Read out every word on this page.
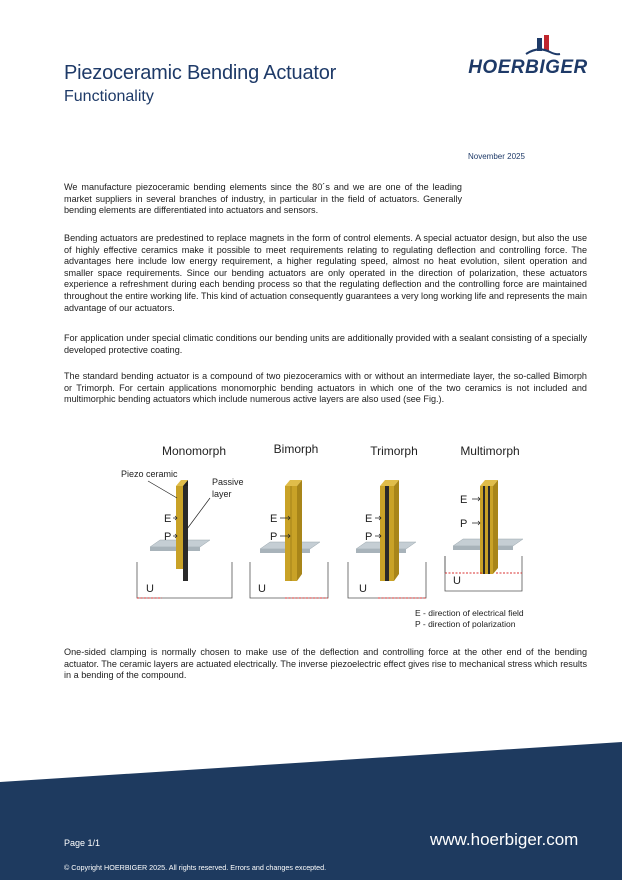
Piezoceramic Bending Actuator
Functionality
HOERBIGER
November 2025

We manufacture piezoceramic bending elements since the 80´s and we are one of the leading market suppliers in several branches of industry, in particular in the field of actuators. Generally bending elements are differentiated into actuators and sensors.

Bending actuators are predestined to replace magnets in the form of control elements. A special actuator design, but also the use of highly effective ceramics make it possible to meet requirements relating to regulating deflection and controlling force. The advantages here include low energy requirement, a higher regulating speed, almost no heat evolution, silent operation and smaller space requirements. Since our bending actuators are only operated in the direction of polarization, these actuators experience a refreshment during each bending process so that the regulating deflection and the controlling force are maintained throughout the entire working life. This kind of actuation consequently guarantees a very long working life and represents the main advantage of our actuators.

For application under special climatic conditions our bending units are additionally provided with a sealant consisting of a specially developed protective coating.

The standard bending actuator is a compound of two piezoceramics with or without an intermediate layer, the so-called Bimorph or Trimorph. For certain applications monomorphic bending actuators in which one of the two ceramics is not included and multimorphic bending actuators which include numerous active layers are also used (see Fig.).

Monomorph	Bimorph	Trimorph	Multimorph
Piezo ceramic
Passive
layer
E
P
U
E
P
U
E
P
U
E
P
U
E - direction of electrical field
P - direction of polarization

One-sided clamping is normally chosen to make use of the deflection and controlling force at the other end of the bending actuator. The ceramic layers are actuated electrically. The inverse piezoelectric effect gives rise to mechanical stress which results in a bending of the compound.

Page 1/1	www.hoerbiger.com
© Copyright HOERBIGER 2025. All rights reserved. Errors and changes excepted.
